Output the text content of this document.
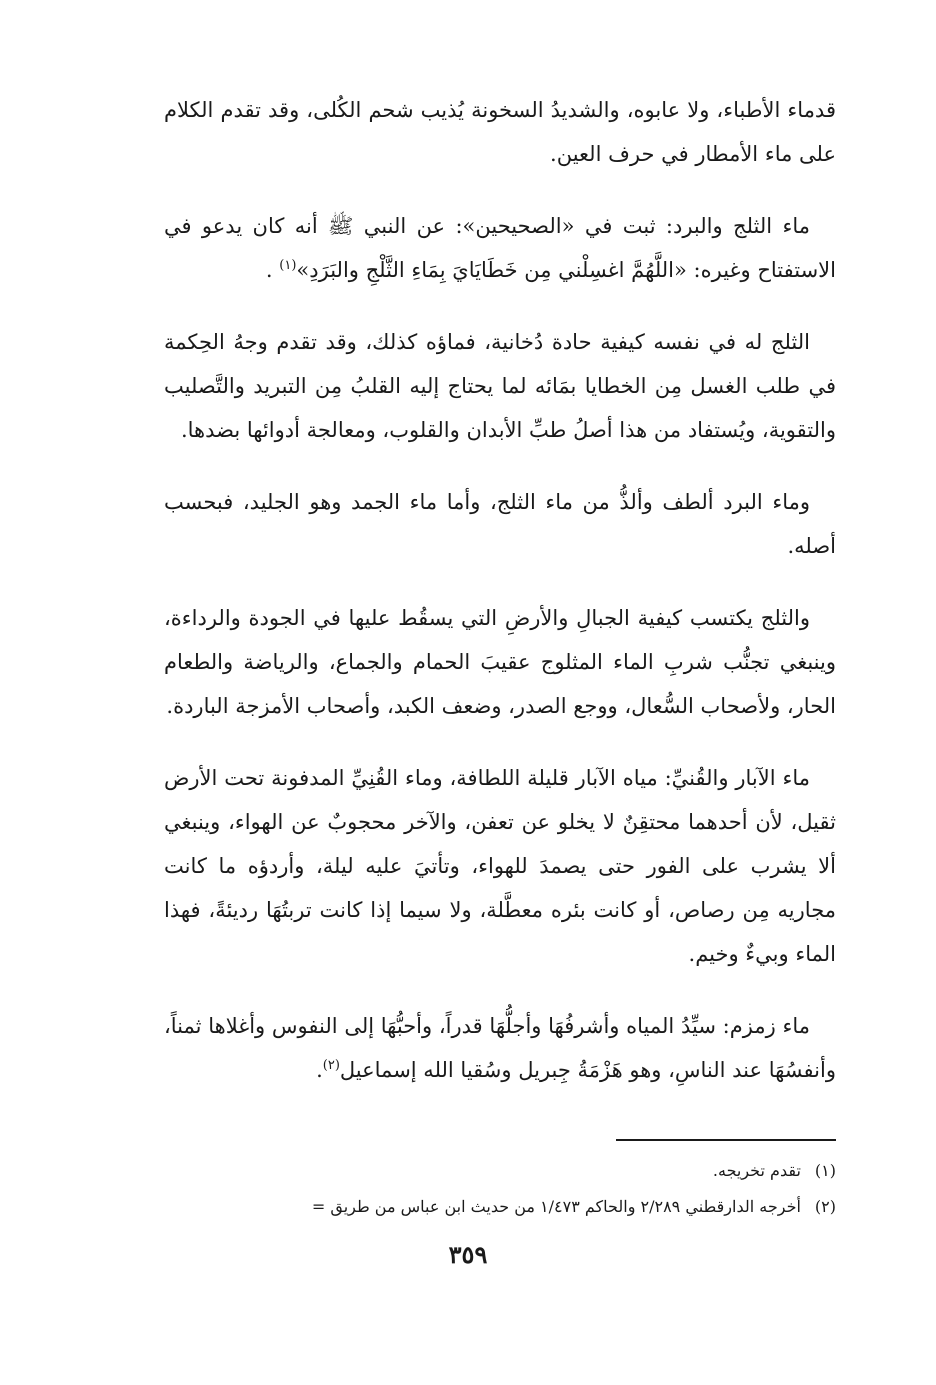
قدماء الأطباء، ولا عابوه، والشديدُ السخونة يُذيب شحم الكُلى، وقد تقدم الكلام على ماء الأمطار في حرف العين.

ماء الثلج والبرد: ثبت في «الصحيحين»: عن النبي ﷺ أنه كان يدعو في الاستفتاح وغيره: «اللَّهُمَّ اغسِلْني مِن خَطَايَايَ بِمَاءِ الثَّلْجِ والبَرَدِ»$^{(١)}$ .

الثلج له في نفسه كيفية حادة دُخانية، فماؤه كذلك، وقد تقدم وجهُ الحِكمة في طلب الغسل مِن الخطايا بمَائه لما يحتاج إليه القلبُ مِن التبريد والتَّصليب والتقوية، ويُستفاد من هذا أصلُ طبِّ الأبدان والقلوب، ومعالجة أدوائها بضدها.

وماء البرد ألطف وألذُّ من ماء الثلج، وأما ماء الجمد وهو الجليد، فبحسب أصله.

والثلج يكتسب كيفية الجبالِ والأرضِ التي يسقُط عليها في الجودة والرداءة، وينبغي تجنُّب شربِ الماء المثلوج عقيبَ الحمام والجماع، والرياضة والطعام الحار، ولأصحاب السُّعال، ووجع الصدر، وضعف الكبد، وأصحاب الأمزجة الباردة.

ماء الآبار والقُنيِّ: مياه الآبار قليلة اللطافة، وماء القُنِيِّ المدفونة تحت الأرض ثقيل، لأن أحدهما محتقِنٌ لا يخلو عن تعفن، والآخر محجوبٌ عن الهواء، وينبغي ألا يشرب على الفور حتى يصمدَ للهواء، وتأتيَ عليه ليلة، وأردؤه ما كانت مجاريه مِن رصاص، أو كانت بئره معطَّلة، ولا سيما إذا كانت تربتُهَا رديئةً، فهذا الماء وبيءٌ وخيم.

ماء زمزم: سيِّدُ المياه وأشرفُهَا وأجلُّهَا قدراً، وأحبُّهَا إلى النفوس وأغلاها ثمناً، وأنفسُهَا عند الناسِ، وهو هَزْمَةُ جِبريل وسُقيا الله إسماعيل$^{(٢)}$.

(١)تقدم تخريجه.

(٢)أخرجه الدارقطني ٢/٢٨٩ والحاكم ١/٤٧٣ من حديث ابن عباس من طريق =

٣٥٩
